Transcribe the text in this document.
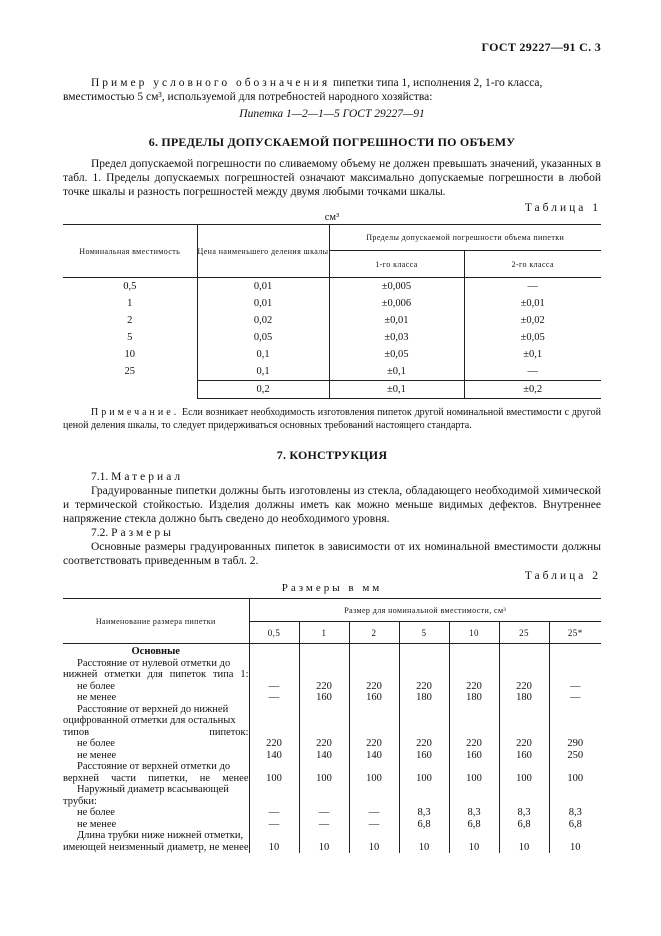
ГОСТ 29227—91 С. 3

Пример условного обозначения пипетки типа 1, исполнения 2, 1-го класса,

вместимостью 5 см³, используемой для потребностей народного хозяйства:

Пипетка 1—2—1—5 ГОСТ 29227—91

6. ПРЕДЕЛЫ ДОПУСКАЕМОЙ ПОГРЕШНОСТИ ПО ОБЪЕМУ

Предел допускаемой погрешности по сливаемому объему не должен превышать значений, указанных в табл. 1. Пределы допускаемых погрешностей означают максимально допускаемые погрешности в любой точке шкалы и разность погрешностей между двумя любыми точками шкалы.

Таблица 1
см³
Номинальная вместимость	Цена наименьшего деления шкалы	Пределы допускаемой погрешности объема пипетки	
		1-го класса	2-го класса
0,5	0,01	±0,005	—
1	0,01	±0,006	±0,01
2	0,02	±0,01	±0,02
5	0,05	±0,03	±0,05
10	0,1	±0,05	±0,1
25	0,1	±0,1	—
	0,2	±0,1	±0,2

Примечание. Если возникает необходимость изготовления пипеток другой номинальной вместимости с другой ценой деления шкалы, то следует придерживаться основных требований настоящего стандарта.

7. КОНСТРУКЦИЯ

7.1. Материал

Градуированные пипетки должны быть изготовлены из стекла, обладающего необходимой химической и термической стойкостью. Изделия должны иметь как можно меньше видимых дефектов. Внутреннее напряжение стекла должно быть сведено до необходимого уровня.

7.2. Размеры

Основные размеры градуированных пипеток в зависимости от их номинальной вместимости должны соответствовать приведенным в табл. 2.

Таблица 2
Размеры в мм
Наименование размера пипетки	Размер для номинальной вместимости, см³						
	0,5	1	2	5	10	25	25*
Основные							
Расстояние от нулевой отметки до нижней отметки для пипеток типа 1:							
не более	—	220	220	220	220	220	—
не менее	—	160	160	180	180	180	—
Расстояние от верхней до нижней оцифрованной отметки для остальных типов пипеток:							
не более	220	220	220	220	220	220	290
не менее	140	140	140	160	160	160	250
Расстояние от верхней отметки до верхней части пипетки, не менее	100	100	100	100	100	100	100
Наружный диаметр всасывающей трубки:							
не более	—	—	—	8,3	8,3	8,3	8,3
не менее	—	—	—	6,8	6,8	6,8	6,8
Длина трубки ниже нижней отметки, имеющей неизменный диаметр, не менее	10	10	10	10	10	10	10
